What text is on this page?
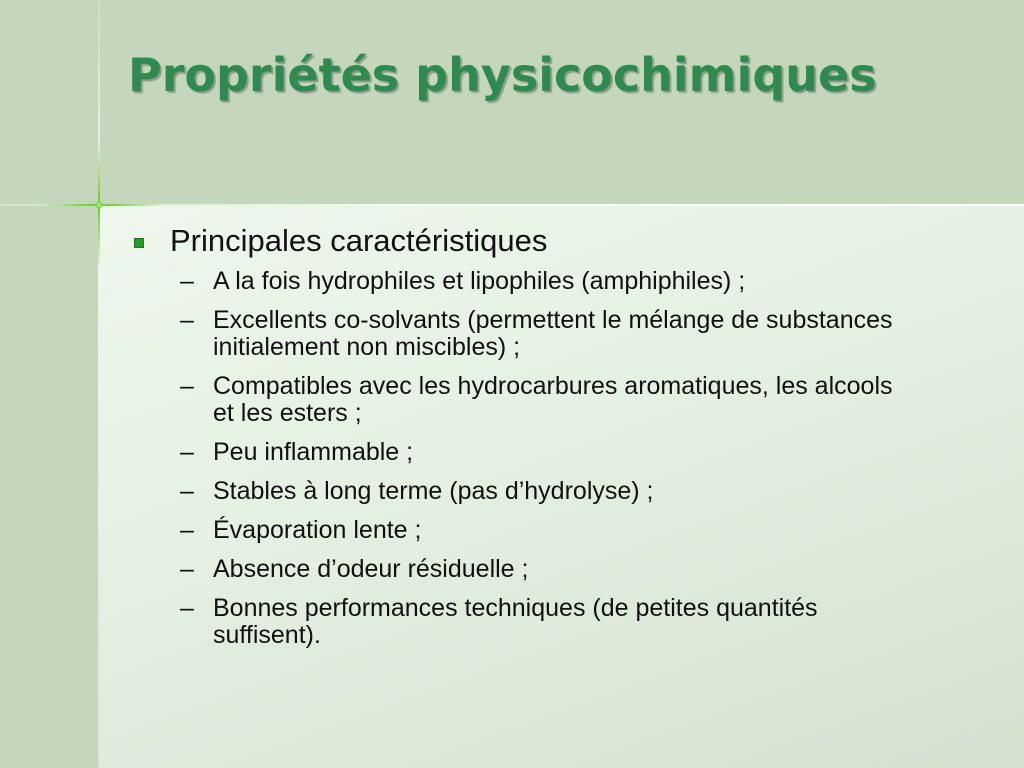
Propriétés physicochimiques
Principales caractéristiques
– A la fois hydrophiles et lipophiles (amphiphiles) ;
– Excellents co-solvants (permettent le mélange de substances initialement non miscibles) ;
– Compatibles avec les hydrocarbures aromatiques, les alcools et les esters ;
– Peu inflammable ;
– Stables à long terme (pas d’hydrolyse) ;
– Évaporation lente ;
– Absence d’odeur résiduelle ;
– Bonnes performances techniques (de petites quantités suffisent).
